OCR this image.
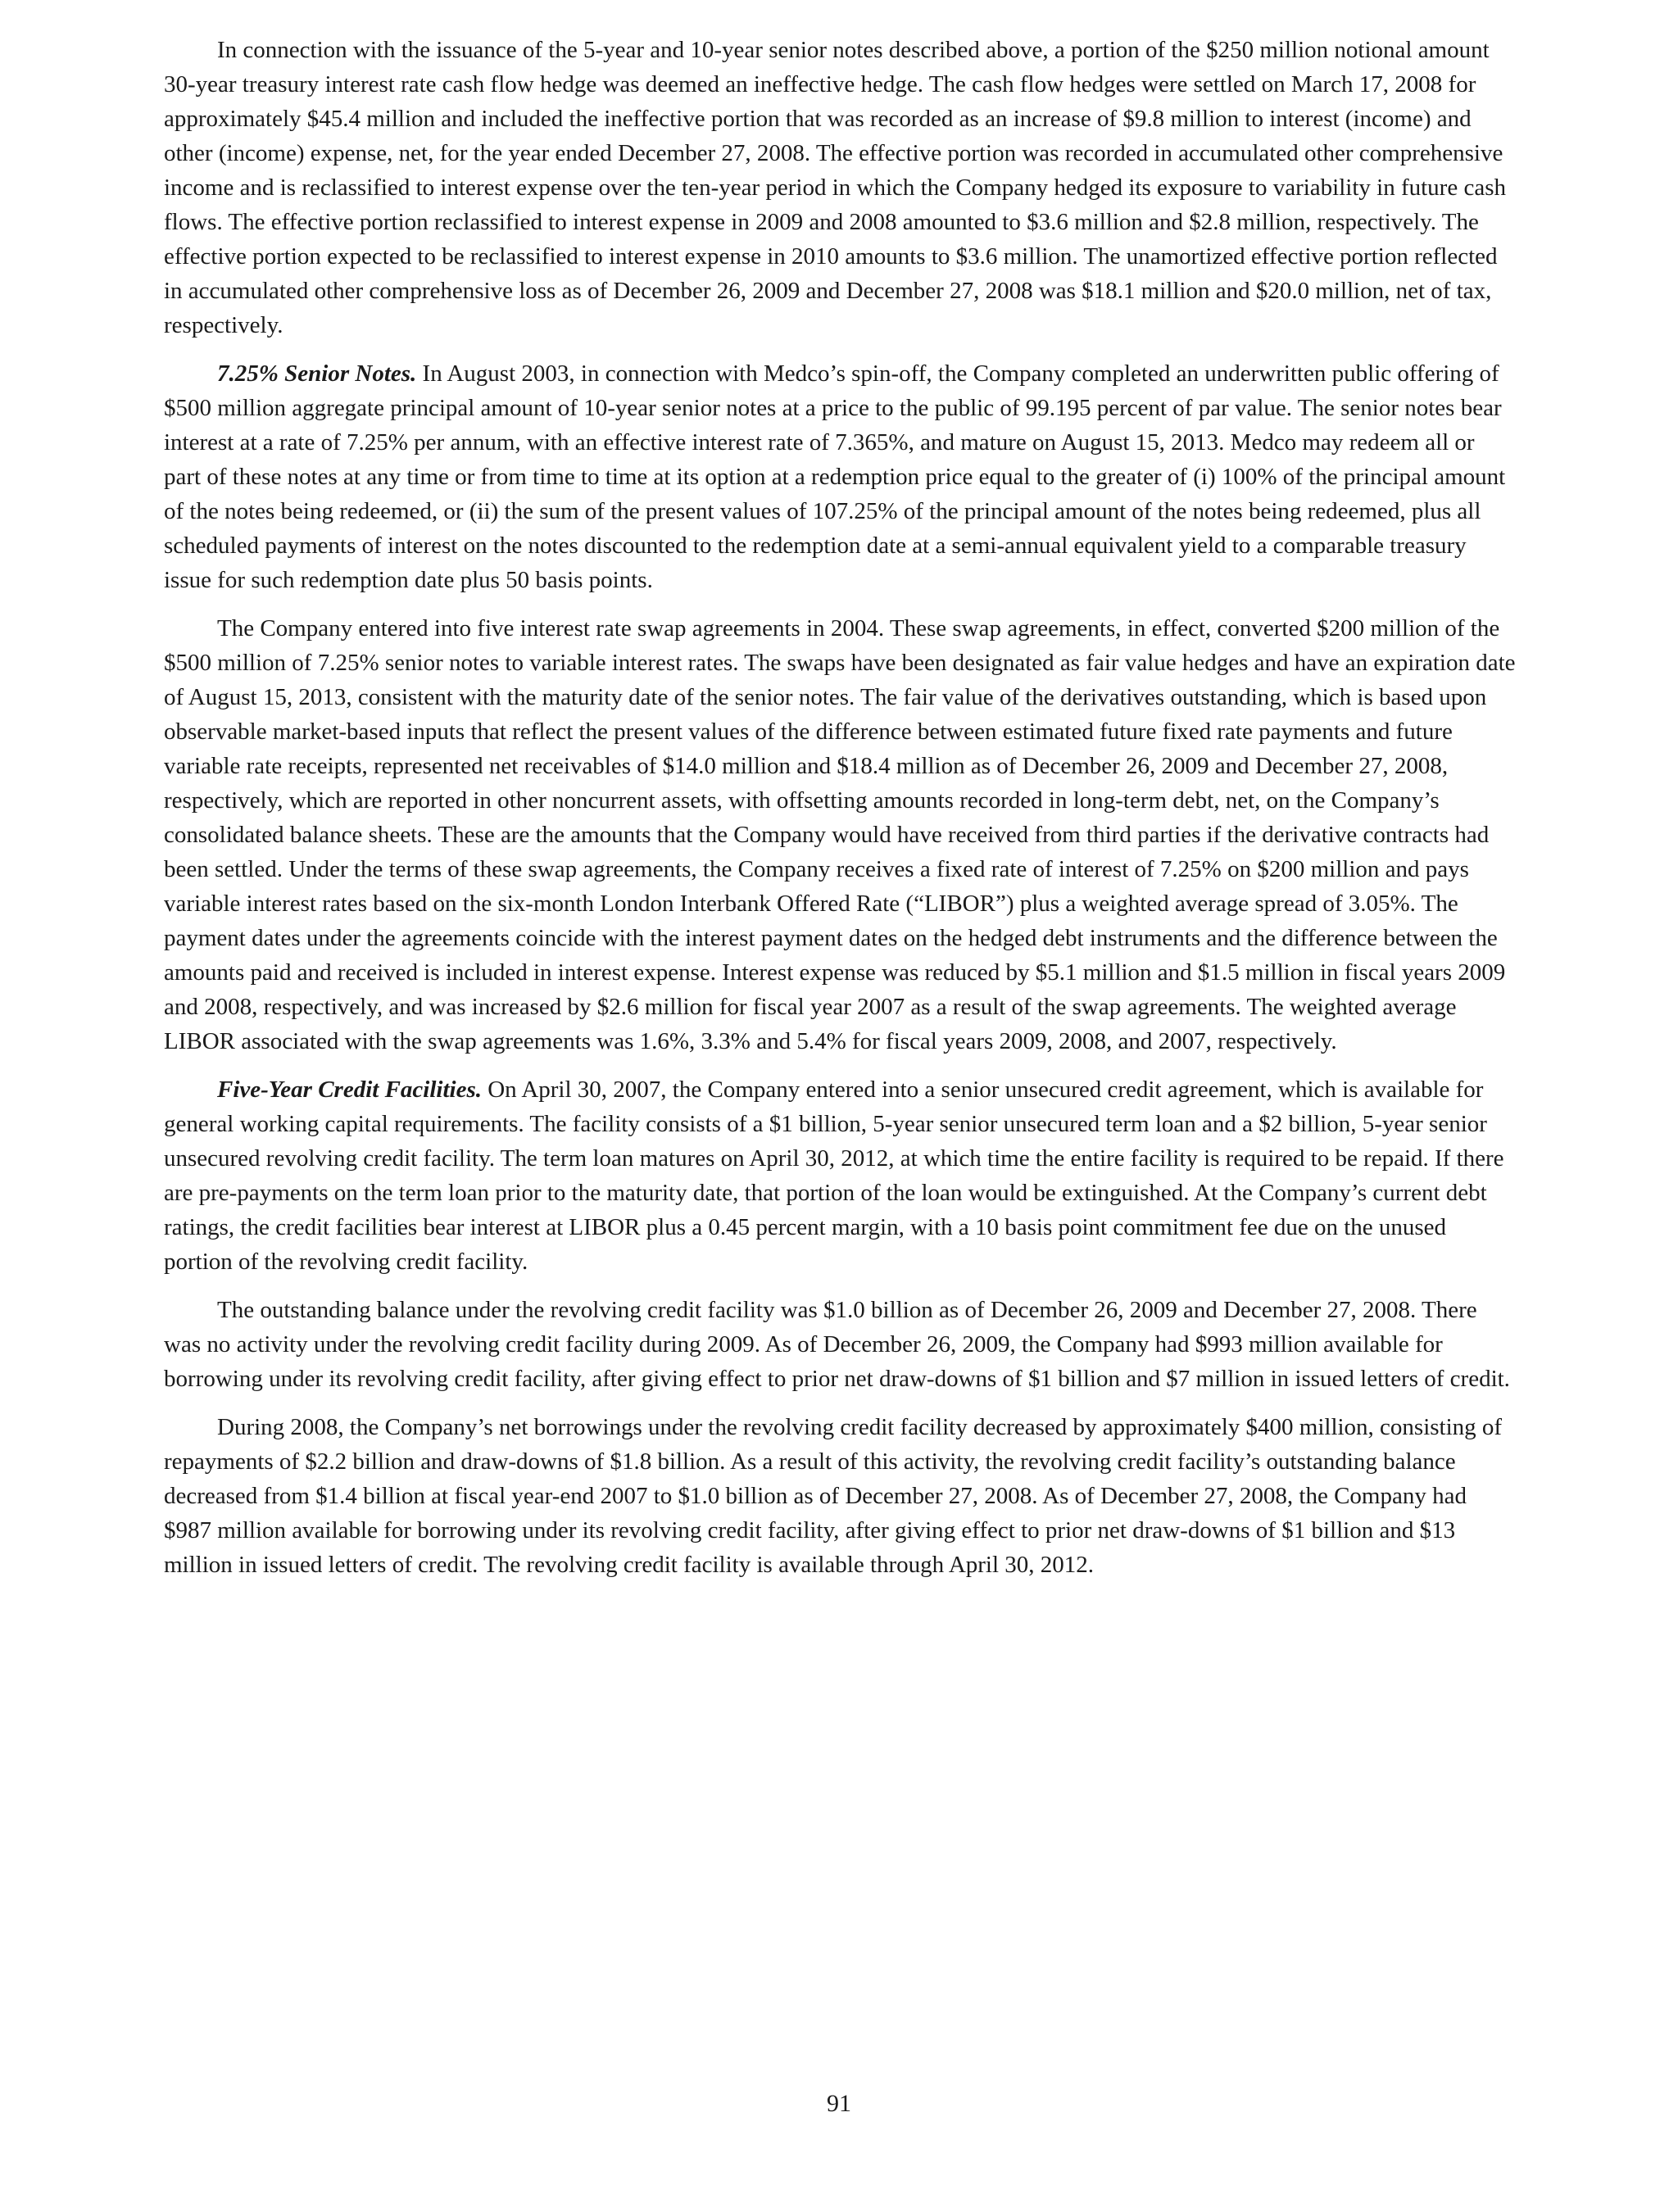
In connection with the issuance of the 5-year and 10-year senior notes described above, a portion of the $250 million notional amount 30-year treasury interest rate cash flow hedge was deemed an ineffective hedge. The cash flow hedges were settled on March 17, 2008 for approximately $45.4 million and included the ineffective portion that was recorded as an increase of $9.8 million to interest (income) and other (income) expense, net, for the year ended December 27, 2008. The effective portion was recorded in accumulated other comprehensive income and is reclassified to interest expense over the ten-year period in which the Company hedged its exposure to variability in future cash flows. The effective portion reclassified to interest expense in 2009 and 2008 amounted to $3.6 million and $2.8 million, respectively. The effective portion expected to be reclassified to interest expense in 2010 amounts to $3.6 million. The unamortized effective portion reflected in accumulated other comprehensive loss as of December 26, 2009 and December 27, 2008 was $18.1 million and $20.0 million, net of tax, respectively.

7.25% Senior Notes. In August 2003, in connection with Medco’s spin-off, the Company completed an underwritten public offering of $500 million aggregate principal amount of 10-year senior notes at a price to the public of 99.195 percent of par value. The senior notes bear interest at a rate of 7.25% per annum, with an effective interest rate of 7.365%, and mature on August 15, 2013. Medco may redeem all or part of these notes at any time or from time to time at its option at a redemption price equal to the greater of (i) 100% of the principal amount of the notes being redeemed, or (ii) the sum of the present values of 107.25% of the principal amount of the notes being redeemed, plus all scheduled payments of interest on the notes discounted to the redemption date at a semi-annual equivalent yield to a comparable treasury issue for such redemption date plus 50 basis points.

The Company entered into five interest rate swap agreements in 2004. These swap agreements, in effect, converted $200 million of the $500 million of 7.25% senior notes to variable interest rates. The swaps have been designated as fair value hedges and have an expiration date of August 15, 2013, consistent with the maturity date of the senior notes. The fair value of the derivatives outstanding, which is based upon observable market-based inputs that reflect the present values of the difference between estimated future fixed rate payments and future variable rate receipts, represented net receivables of $14.0 million and $18.4 million as of December 26, 2009 and December 27, 2008, respectively, which are reported in other noncurrent assets, with offsetting amounts recorded in long-term debt, net, on the Company’s consolidated balance sheets. These are the amounts that the Company would have received from third parties if the derivative contracts had been settled. Under the terms of these swap agreements, the Company receives a fixed rate of interest of 7.25% on $200 million and pays variable interest rates based on the six-month London Interbank Offered Rate (“LIBOR”) plus a weighted average spread of 3.05%. The payment dates under the agreements coincide with the interest payment dates on the hedged debt instruments and the difference between the amounts paid and received is included in interest expense. Interest expense was reduced by $5.1 million and $1.5 million in fiscal years 2009 and 2008, respectively, and was increased by $2.6 million for fiscal year 2007 as a result of the swap agreements. The weighted average LIBOR associated with the swap agreements was 1.6%, 3.3% and 5.4% for fiscal years 2009, 2008, and 2007, respectively.

Five-Year Credit Facilities. On April 30, 2007, the Company entered into a senior unsecured credit agreement, which is available for general working capital requirements. The facility consists of a $1 billion, 5-year senior unsecured term loan and a $2 billion, 5-year senior unsecured revolving credit facility. The term loan matures on April 30, 2012, at which time the entire facility is required to be repaid. If there are pre-payments on the term loan prior to the maturity date, that portion of the loan would be extinguished. At the Company’s current debt ratings, the credit facilities bear interest at LIBOR plus a 0.45 percent margin, with a 10 basis point commitment fee due on the unused portion of the revolving credit facility.

The outstanding balance under the revolving credit facility was $1.0 billion as of December 26, 2009 and December 27, 2008. There was no activity under the revolving credit facility during 2009. As of December 26, 2009, the Company had $993 million available for borrowing under its revolving credit facility, after giving effect to prior net draw-downs of $1 billion and $7 million in issued letters of credit.

During 2008, the Company’s net borrowings under the revolving credit facility decreased by approximately $400 million, consisting of repayments of $2.2 billion and draw-downs of $1.8 billion. As a result of this activity, the revolving credit facility’s outstanding balance decreased from $1.4 billion at fiscal year-end 2007 to $1.0 billion as of December 27, 2008. As of December 27, 2008, the Company had $987 million available for borrowing under its revolving credit facility, after giving effect to prior net draw-downs of $1 billion and $13 million in issued letters of credit. The revolving credit facility is available through April 30, 2012.

91
